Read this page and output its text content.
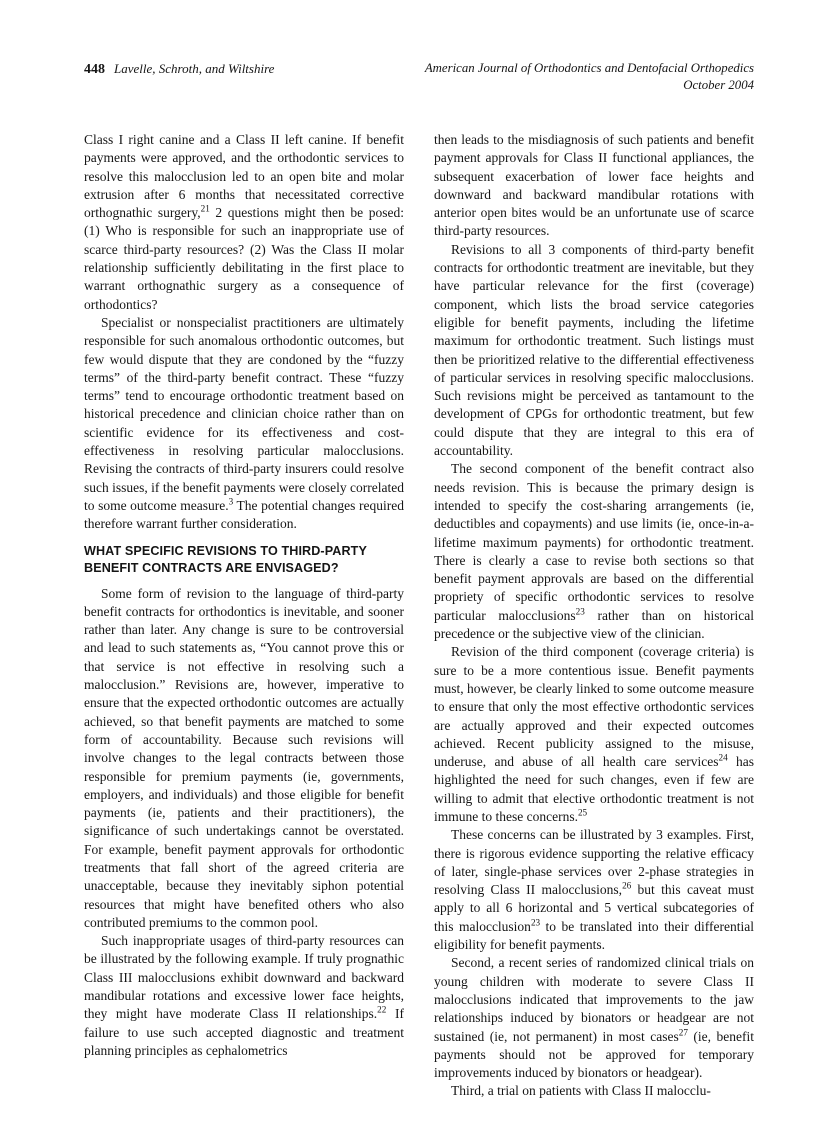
448 Lavelle, Schroth, and Wiltshire	American Journal of Orthodontics and Dentofacial Orthopedics
October 2004

Class I right canine and a Class II left canine. If benefit payments were approved, and the orthodontic services to resolve this malocclusion led to an open bite and molar extrusion after 6 months that necessitated corrective orthognathic surgery,$^{21}$ 2 questions might then be posed: (1) Who is responsible for such an inappropriate use of scarce third-party resources? (2) Was the Class II molar relationship sufficiently debilitating in the first place to warrant orthognathic surgery as a consequence of orthodontics?

Specialist or nonspecialist practitioners are ultimately responsible for such anomalous orthodontic outcomes, but few would dispute that they are condoned by the “fuzzy terms” of the third-party benefit contract. These “fuzzy terms” tend to encourage orthodontic treatment based on historical precedence and clinician choice rather than on scientific evidence for its effectiveness and cost-effectiveness in resolving particular malocclusions. Revising the contracts of third-party insurers could resolve such issues, if the benefit payments were closely correlated to some outcome measure.$^3$ The potential changes required therefore warrant further consideration.

WHAT SPECIFIC REVISIONS TO THIRD-PARTY BENEFIT CONTRACTS ARE ENVISAGED?

Some form of revision to the language of third-party benefit contracts for orthodontics is inevitable, and sooner rather than later. Any change is sure to be controversial and lead to such statements as, “You cannot prove this or that service is not effective in resolving such a malocclusion.” Revisions are, however, imperative to ensure that the expected orthodontic outcomes are actually achieved, so that benefit payments are matched to some form of accountability. Because such revisions will involve changes to the legal contracts between those responsible for premium payments (ie, governments, employers, and individuals) and those eligible for benefit payments (ie, patients and their practitioners), the significance of such undertakings cannot be overstated. For example, benefit payment approvals for orthodontic treatments that fall short of the agreed criteria are unacceptable, because they inevitably siphon potential resources that might have benefited others who also contributed premiums to the common pool.

Such inappropriate usages of third-party resources can be illustrated by the following example. If truly prognathic Class III malocclusions exhibit downward and backward mandibular rotations and excessive lower face heights, they might have moderate Class II relationships.$^{22}$ If failure to use such accepted diagnostic and treatment planning principles as cephalometrics

then leads to the misdiagnosis of such patients and benefit payment approvals for Class II functional appliances, the subsequent exacerbation of lower face heights and downward and backward mandibular rotations with anterior open bites would be an unfortunate use of scarce third-party resources.

Revisions to all 3 components of third-party benefit contracts for orthodontic treatment are inevitable, but they have particular relevance for the first (coverage) component, which lists the broad service categories eligible for benefit payments, including the lifetime maximum for orthodontic treatment. Such listings must then be prioritized relative to the differential effectiveness of particular services in resolving specific malocclusions. Such revisions might be perceived as tantamount to the development of CPGs for orthodontic treatment, but few could dispute that they are integral to this era of accountability.

The second component of the benefit contract also needs revision. This is because the primary design is intended to specify the cost-sharing arrangements (ie, deductibles and copayments) and use limits (ie, once-in-a-lifetime maximum payments) for orthodontic treatment. There is clearly a case to revise both sections so that benefit payment approvals are based on the differential propriety of specific orthodontic services to resolve particular malocclusions$^{23}$ rather than on historical precedence or the subjective view of the clinician.

Revision of the third component (coverage criteria) is sure to be a more contentious issue. Benefit payments must, however, be clearly linked to some outcome measure to ensure that only the most effective orthodontic services are actually approved and their expected outcomes achieved. Recent publicity assigned to the misuse, underuse, and abuse of all health care services$^{24}$ has highlighted the need for such changes, even if few are willing to admit that elective orthodontic treatment is not immune to these concerns.$^{25}$

These concerns can be illustrated by 3 examples. First, there is rigorous evidence supporting the relative efficacy of later, single-phase services over 2-phase strategies in resolving Class II malocclusions,$^{26}$ but this caveat must apply to all 6 horizontal and 5 vertical subcategories of this malocclusion$^{23}$ to be translated into their differential eligibility for benefit payments.

Second, a recent series of randomized clinical trials on young children with moderate to severe Class II malocclusions indicated that improvements to the jaw relationships induced by bionators or headgear are not sustained (ie, not permanent) in most cases$^{27}$ (ie, benefit payments should not be approved for temporary improvements induced by bionators or headgear).

Third, a trial on patients with Class II malocclu-
